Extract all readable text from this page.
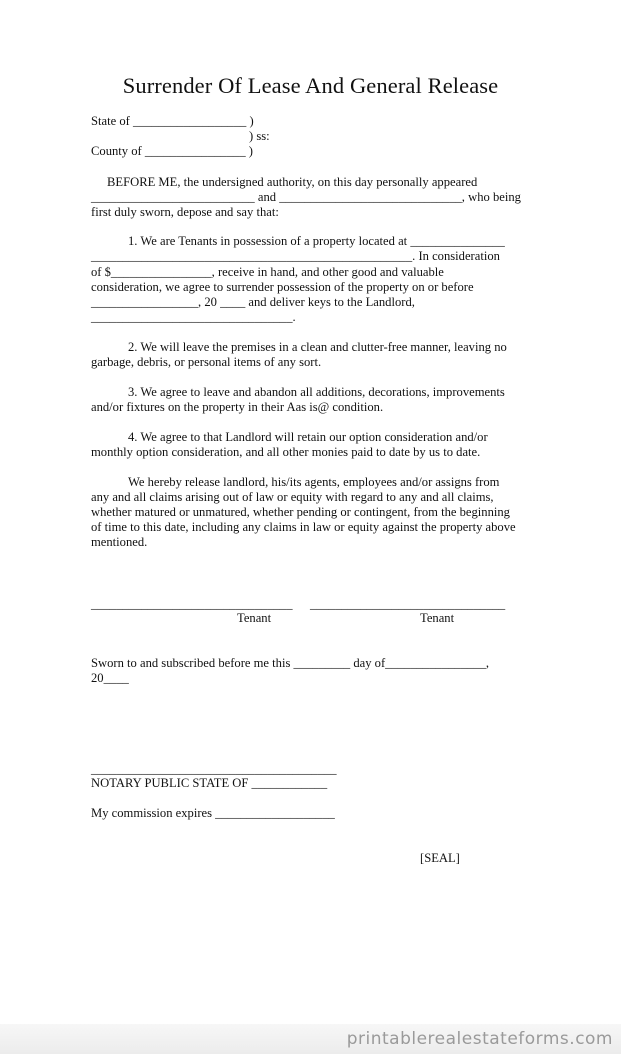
Surrender Of Lease And General Release
State of __________________ )
) ss:
County of ________________ )
BEFORE ME, the undersigned authority, on this day personally appeared
__________________________ and _____________________________, who being
first duly sworn, depose and say that:
1. We are Tenants in possession of a property located at _______________
___________________________________________________. In consideration
of $________________, receive in hand, and other good and valuable
consideration, we agree to surrender possession of the property on or before
_________________, 20 ____ and deliver keys to the Landlord,
________________________________.
2. We will leave the premises in a clean and clutter-free manner, leaving no
garbage, debris, or personal items of any sort.
3. We agree to leave and abandon all additions, decorations, improvements
and/or fixtures on the property in their Aas is@ condition.
4. We agree to that Landlord will retain our option consideration and/or
monthly option consideration, and all other monies paid to date by us to date.
We hereby release landlord, his/its agents, employees and/or assigns from
any and all claims arising out of law or equity with regard to any and all claims,
whether matured or unmatured, whether pending or contingent, from the beginning
of time to this date, including any claims in law or equity against the property above
mentioned.
________________________________ _______________________________
Tenant	Tenant
Sworn to and subscribed before me this _________ day of________________,
20____
_______________________________________
NOTARY PUBLIC STATE OF ____________
My commission expires ___________________
[SEAL]
printablerealestateforms.com
